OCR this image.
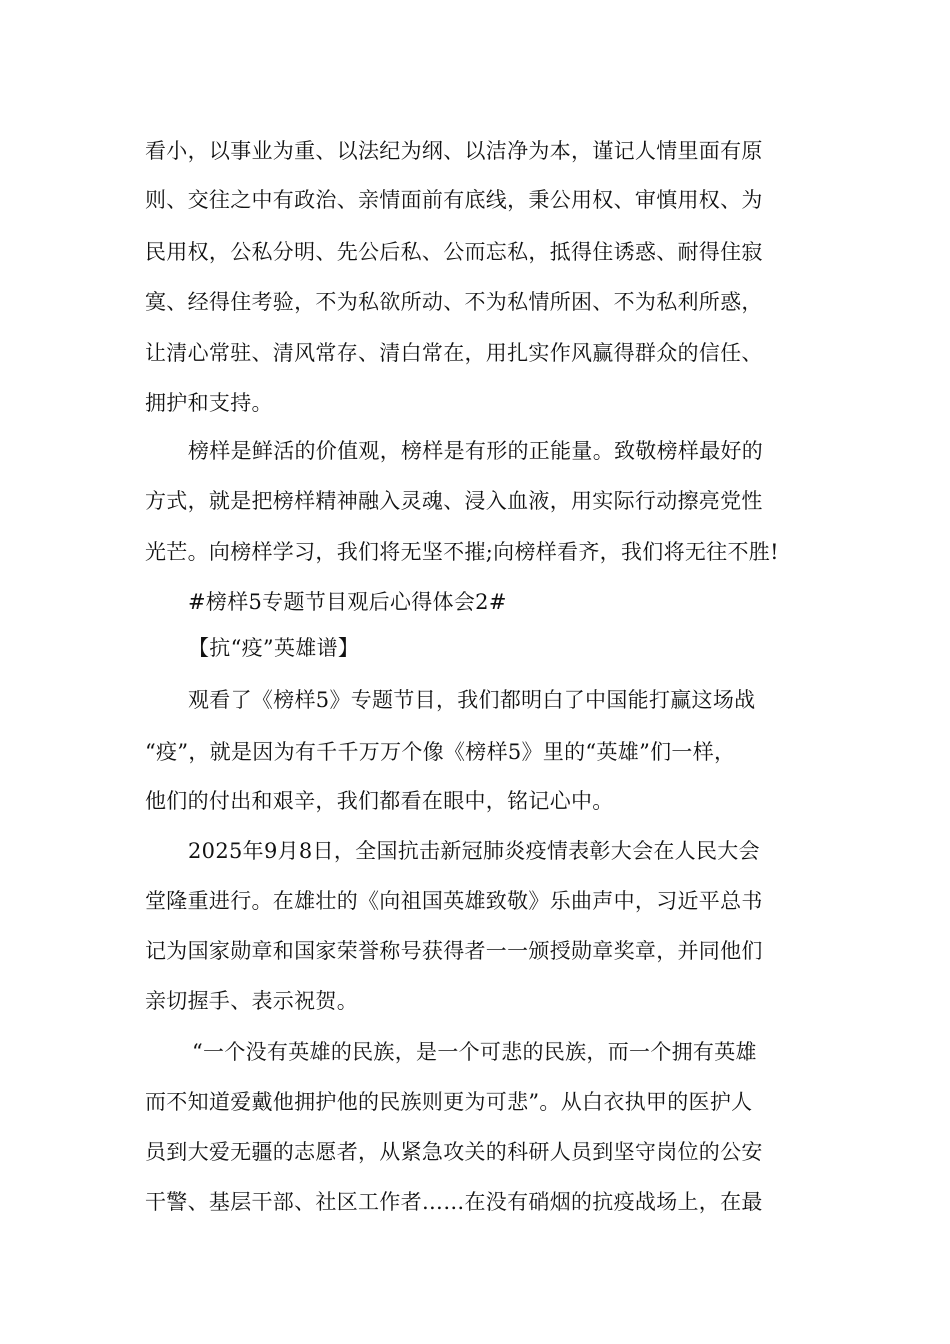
看小，以事业为重、以法纪为纲、以洁净为本，谨记人情里面有原
则、交往之中有政治、亲情面前有底线，秉公用权、审慎用权、为
民用权，公私分明、先公后私、公而忘私，抵得住诱惑、耐得住寂
寞、经得住考验，不为私欲所动、不为私情所困、不为私利所惑，
让清心常驻、清风常存、清白常在，用扎实作风赢得群众的信任、
拥护和支持。
榜样是鲜活的价值观，榜样是有形的正能量。致敬榜样最好的
方式，就是把榜样精神融入灵魂、浸入血液，用实际行动擦亮党性
光芒。向榜样学习，我们将无坚不摧;向榜样看齐，我们将无往不胜!
#榜样5专题节目观后心得体会2#
【抗“疫”英雄谱】
观看了《榜样5》专题节目，我们都明白了中国能打赢这场战
“疫”，就是因为有千千万万个像《榜样5》里的“英雄”们一样，
他们的付出和艰辛，我们都看在眼中，铭记心中。
2025年9月8日，全国抗击新冠肺炎疫情表彰大会在人民大会
堂隆重进行。在雄壮的《向祖国英雄致敬》乐曲声中，习近平总书
记为国家勋章和国家荣誉称号获得者一一颁授勋章奖章，并同他们
亲切握手、表示祝贺。
“一个没有英雄的民族，是一个可悲的民族，而一个拥有英雄
而不知道爱戴他拥护他的民族则更为可悲”。从白衣执甲的医护人
员到大爱无疆的志愿者，从紧急攻关的科研人员到坚守岗位的公安
干警、基层干部、社区工作者……在没有硝烟的抗疫战场上，在最
